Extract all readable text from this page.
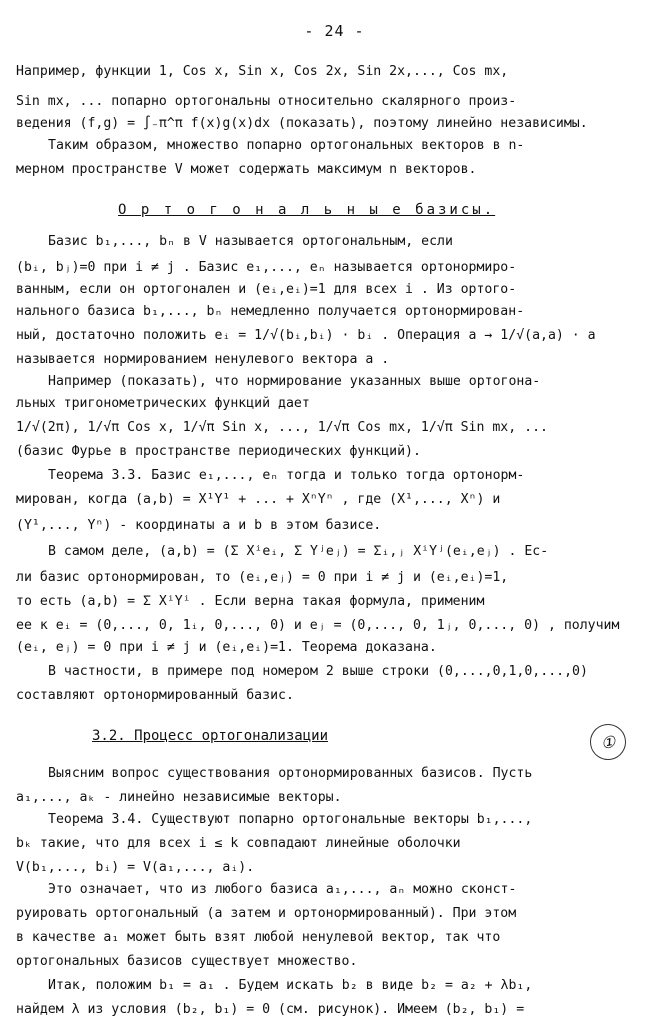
- 24 -
Например, функции 1, Cos x, Sin x, Cos 2x, Sin 2x,..., Cos mx,
Sin mx, ... попарно ортогональны относительно скалярного произ-
ведения (f,g) = ∫₋π^π f(x)g(x)dx (показать), поэтому линейно независимы.
Таким образом, множество попарно ортогональных векторов в n-
мерном пространстве V может содержать максимум n векторов.
О р т о г о н а л ь н ы е базисы.
Базис b₁,..., bₙ в V называется ортогональным, если
(bᵢ, bⱼ)=0 при i ≠ j . Базис e₁,..., eₙ называется ортонормиро-
ванным, если он ортогонален и (eᵢ,eᵢ)=1 для всех i . Из ортого-
нального базиса b₁,..., bₙ немедленно получается ортонормирован-
ный, достаточно положить eᵢ = 1/√(bᵢ,bᵢ) · bᵢ . Операция a → 1/√(a,a) · a
называется нормированием ненулевого вектора a .
Например (показать), что нормирование указанных выше ортогона-
льных тригонометрических функций дает
1/√(2π), 1/√π Cos x, 1/√π Sin x, ..., 1/√π Cos mx, 1/√π Sin mx, ...
(базис Фурье в пространстве периодических функций).
Теорема 3.3. Базис e₁,..., eₙ тогда и только тогда ортонорм-
мирован, когда (a,b) = X¹Y¹ + ... + XⁿYⁿ , где (X¹,..., Xⁿ) и
(Y¹,..., Yⁿ) - координаты a и b в этом базисе.
В самом деле, (a,b) = (Σ Xⁱeᵢ, Σ Yʲeⱼ) = Σᵢ,ⱼ XⁱYʲ(eᵢ,eⱼ) . Ес-
ли базис ортонормирован, то (eᵢ,eⱼ) = 0 при i ≠ j и (eᵢ,eᵢ)=1,
то есть (a,b) = Σ XⁱYⁱ . Если верна такая формула, применим
ее к eᵢ = (0,..., 0, 1ᵢ, 0,..., 0) и eⱼ = (0,..., 0, 1ⱼ, 0,..., 0) , получим
(eᵢ, eⱼ) = 0 при i ≠ j и (eᵢ,eᵢ)=1. Теорема доказана.
В частности, в примере под номером 2 выше строки (0,...,0,1,0,...,0)
составляют ортонормированный базис.
3.2. Процесс ортогонализации	①
Выясним вопрос существования ортонормированных базисов. Пусть
a₁,..., aₖ - линейно независимые векторы.
Теорема 3.4. Существуют попарно ортогональные векторы b₁,...,
bₖ такие, что для всех i ≤ k совпадают линейные оболочки
V(b₁,..., bᵢ) = V(a₁,..., aᵢ).
Это означает, что из любого базиса a₁,..., aₙ можно сконст-
руировать ортогональный (а затем и ортонормированный). При этом
в качестве a₁ может быть взят любой ненулевой вектор, так что
ортогональных базисов существует множество.
Итак, положим b₁ = a₁ . Будем искать b₂ в виде b₂ = a₂ + λb₁,
найдем λ из условия (b₂, b₁) = 0 (см. рисунок). Имеем (b₂, b₁) =
